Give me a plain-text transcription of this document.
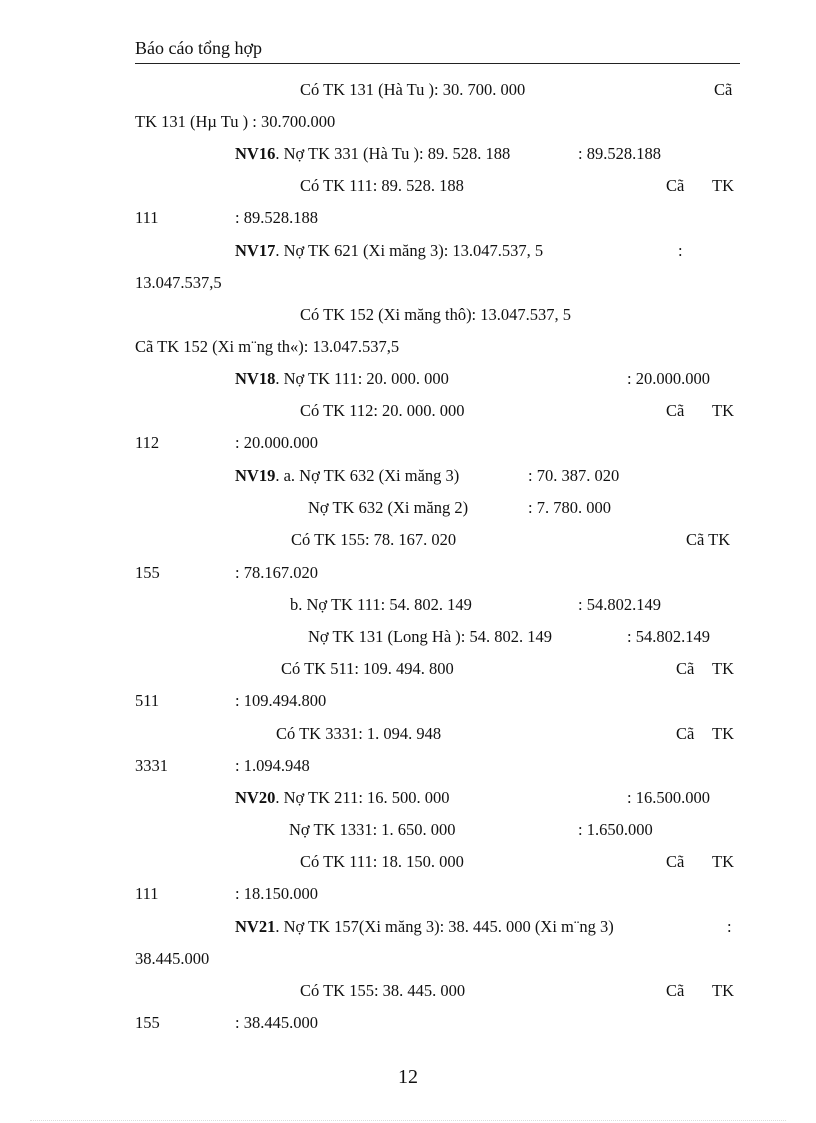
Báo cáo tổng hợp
Có TK 131 (Hà Tu ): 30. 700. 000	Cã
TK 131 (Hµ Tu ) : 30.700.000
NV16. Nợ TK 331 (Hà Tu ): 89. 528. 188	: 89.528.188
Có TK 111: 89. 528. 188	Cã TK
111	: 89.528.188
NV17. Nợ TK 621 (Xi măng 3): 13.047.537, 5	:
13.047.537,5
Có TK 152 (Xi măng thô): 13.047.537, 5
Cã TK 152 (Xi m¨ng th«): 13.047.537,5
NV18. Nợ TK 111: 20. 000. 000	: 20.000.000
Có TK 112: 20. 000. 000	Cã TK
112	: 20.000.000
NV19. a. Nợ TK 632 (Xi măng 3)	: 70. 387. 020
Nợ TK 632 (Xi măng 2)	: 7. 780. 000
Có TK 155: 78. 167. 020	Cã TK
155	: 78.167.020
b. Nợ TK 111: 54. 802. 149	: 54.802.149
Nợ TK 131 (Long Hà ): 54. 802. 149	: 54.802.149
Có TK 511: 109. 494. 800	Cã TK
511	: 109.494.800
Có TK 3331: 1. 094. 948	Cã TK
3331	: 1.094.948
NV20. Nợ TK 211: 16. 500. 000	: 16.500.000
Nợ TK 1331: 1. 650. 000	: 1.650.000
Có TK 111: 18. 150. 000	Cã TK
111	: 18.150.000
NV21. Nợ TK 157(Xi măng 3): 38. 445. 000 (Xi m¨ng 3)	:
38.445.000
Có TK 155: 38. 445. 000	Cã TK
155	: 38.445.000
12
